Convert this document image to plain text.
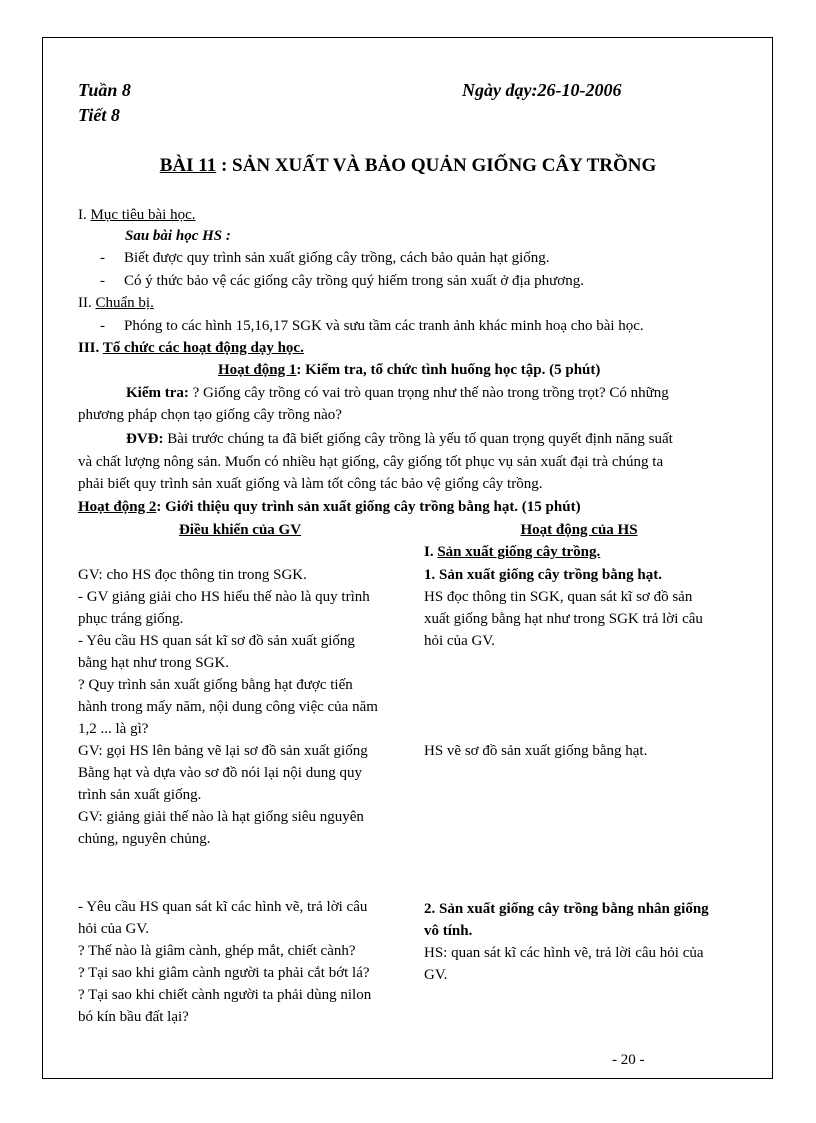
Tuần 8
Tiết 8
Ngày dạy:26-10-2006
BÀI 11 : SẢN XUẤT VÀ BẢO QUẢN GIỐNG CÂY TRỒNG
I. Mục tiêu bài học.
Sau bài học HS :
- Biết được quy trình sản xuất giống cây trồng, cách bảo quản hạt giống.
- Có ý thức bảo vệ các giống cây trồng quý hiếm trong sản xuất ở địa phương.
II. Chuẩn bị.
- Phóng to các hình 15,16,17 SGK và sưu tầm các tranh ảnh khác minh hoạ cho bài học.
III. Tổ chức các hoạt động dạy học.
Hoạt động 1: Kiểm tra, tổ chức tình huống học tập. (5 phút)
Kiểm tra: ? Giống cây trồng có vai trò quan trọng như thế nào trong trồng trọt? Có những
phương pháp chọn tạo giống cây trồng nào?
ĐVĐ: Bài trước chúng ta đã biết giống cây trồng là yếu tố quan trọng quyết định năng suất
và chất lượng nông sản. Muốn có nhiều hạt giống, cây giống tốt phục vụ sản xuất đại trà chúng ta
phải biết quy trình sản xuất giống và làm tốt công tác bảo vệ giống cây trồng.
Hoạt động 2: Giới thiệu quy trình sản xuất giống cây trồng bằng hạt. (15 phút)
Điều khiển của GV	Hoạt động của HS
I. Sản xuất giống cây trồng.

GV: cho HS đọc thông tin trong SGK.

- GV giảng giải cho HS hiểu thế nào là quy trình

phục tráng giống.

- Yêu cầu HS quan sát kĩ sơ đồ sản xuất giống

bằng hạt như trong SGK.

? Quy trình sản xuất giống bằng hạt được tiến

hành trong mấy năm, nội dung công việc của năm

1,2 ... là gì?

GV: gọi HS lên bảng vẽ lại sơ đồ sản xuất giống

Bằng hạt và dựa vào sơ đồ nói lại nội dung quy

trình sản xuất giống.

GV: giảng giải thế nào là hạt giống siêu nguyên

chủng, nguyên chủng.

- Yêu cầu HS quan sát kĩ các hình vẽ, trả lời câu

hỏi của GV.

? Thế nào là giâm cành, ghép mắt, chiết cành?

? Tại sao khi giâm cành người ta phải cắt bớt lá?

? Tại sao khi chiết cành người ta phải dùng nilon

bó kín bầu đất lại?

1. Sản xuất giống cây trồng bằng hạt.

HS đọc thông tin SGK, quan sát kĩ sơ đồ sản

xuất giống bằng hạt như trong SGK trả lời câu

hỏi của GV.

HS vẽ sơ đồ sản xuất giống bằng hạt.

2. Sản xuất giống cây trồng bằng nhân giống

vô tính.

HS: quan sát kĩ các hình vẽ, trả lời câu hỏi của

GV.

- 20 -
